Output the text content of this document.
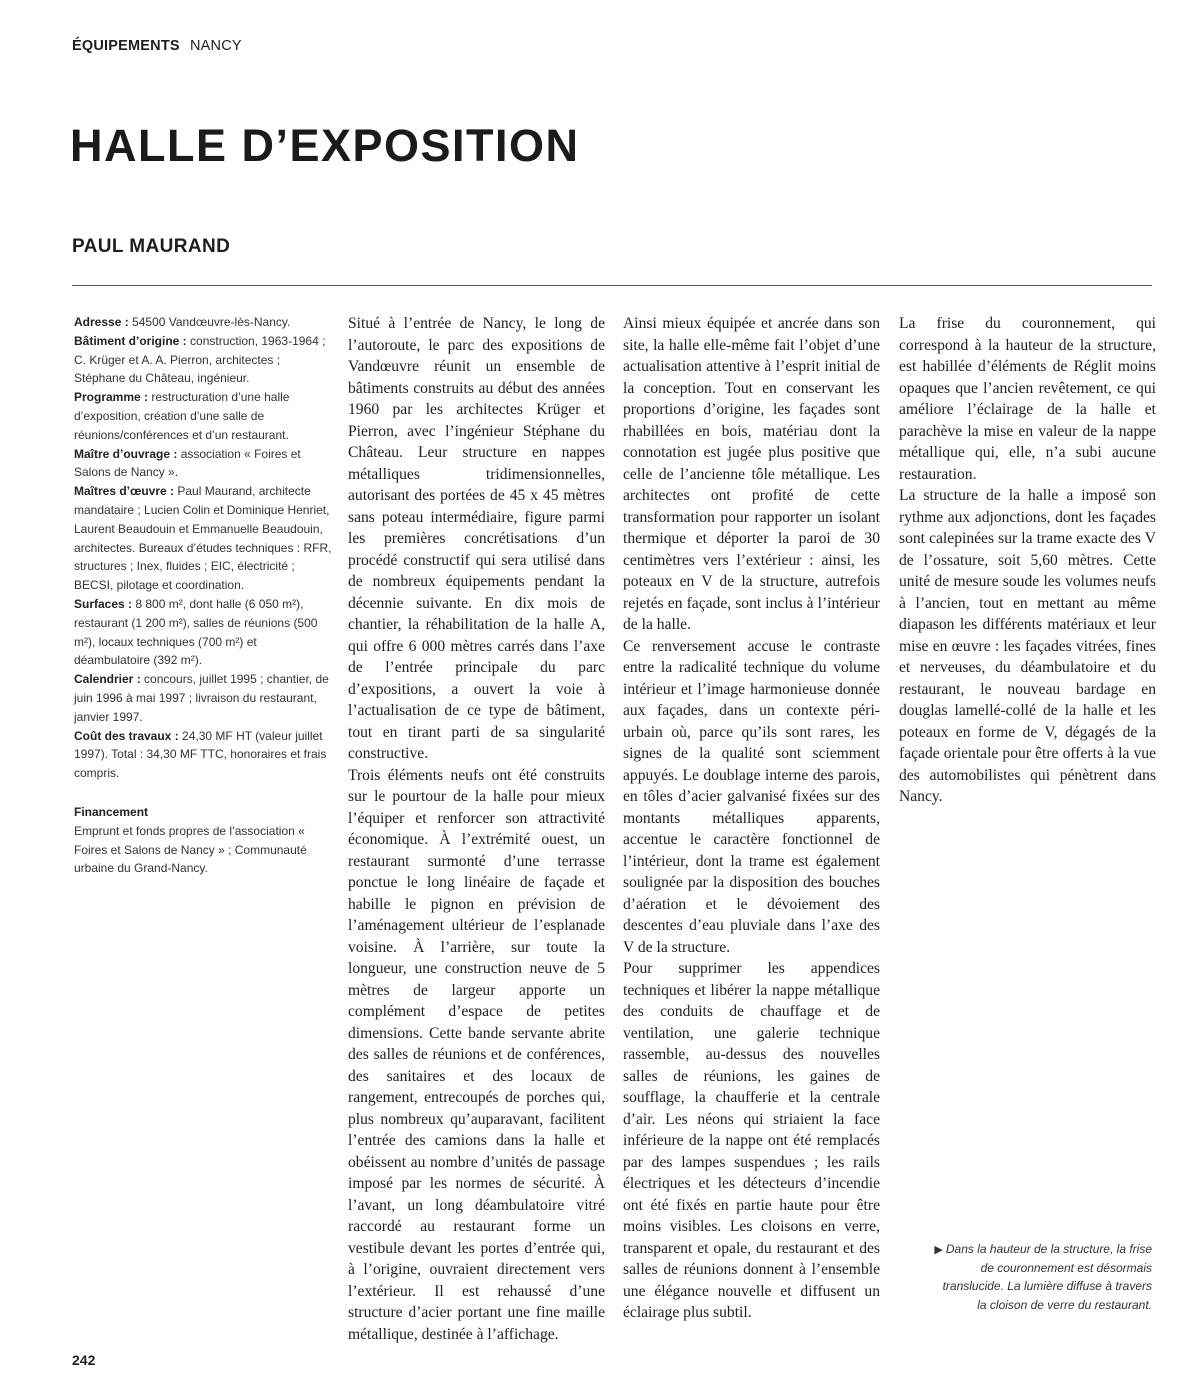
ÉQUIPEMENTS NANCY
HALLE D’EXPOSITION
PAUL MAURAND

Adresse : 54500 Vandœuvre-lès-Nancy.

Bâtiment d’origine : construction, 1963-1964 ; C. Krüger et A. A. Pierron, architectes ; Stéphane du Château, ingénieur.

Programme : restructuration d’une halle d’exposition, création d’une salle de réunions/conférences et d’un restaurant.

Maître d’ouvrage : association « Foires et Salons de Nancy ».

Maîtres d’œuvre : Paul Maurand, architecte mandataire ; Lucien Colin et Dominique Henriet, Laurent Beaudouin et Emmanuelle Beaudouin, architectes. Bureaux d’études techniques : RFR, structures ; Inex, fluides ; EIC, électricité ; BECSI, pilotage et coordination.

Surfaces : 8 800 m², dont halle (6 050 m²), restaurant (1 200 m²), salles de réunions (500 m²), locaux techniques (700 m²) et déambulatoire (392 m²).

Calendrier : concours, juillet 1995 ; chantier, de juin 1996 à mai 1997 ; livraison du restaurant, janvier 1997.

Coût des travaux : 24,30 MF HT (valeur juillet 1997). Total : 34,30 MF TTC, honoraires et frais compris.

Financement

Emprunt et fonds propres de l’association « Foires et Salons de Nancy » ; Communauté urbaine du Grand-Nancy.

Situé à l’entrée de Nancy, le long de l’autoroute, le parc des expositions de Vandœuvre réunit un ensemble de bâtiments construits au début des années 1960 par les architectes Krüger et Pierron, avec l’ingénieur Stéphane du Château. Leur structure en nappes métalliques tridimensionnelles, autorisant des portées de 45 x 45 mètres sans poteau intermédiaire, figure parmi les premières concrétisations d’un procédé constructif qui sera utilisé dans de nombreux équipements pendant la décennie suivante. En dix mois de chantier, la réhabilitation de la halle A, qui offre 6 000 mètres carrés dans l’axe de l’entrée principale du parc d’expositions, a ouvert la voie à l’actualisation de ce type de bâtiment, tout en tirant parti de sa singularité constructive.

Trois éléments neufs ont été construits sur le pourtour de la halle pour mieux l’équiper et renforcer son attractivité économique. À l’extrémité ouest, un restaurant surmonté d’une terrasse ponctue le long linéaire de façade et habille le pignon en prévision de l’aménagement ultérieur de l’esplanade voisine. À l’arrière, sur toute la longueur, une construction neuve de 5 mètres de largeur apporte un complément d’espace de petites dimensions. Cette bande servante abrite des salles de réunions et de conférences, des sanitaires et des locaux de rangement, entrecoupés de porches qui, plus nombreux qu’auparavant, facilitent l’entrée des camions dans la halle et obéissent au nombre d’unités de passage imposé par les normes de sécurité. À l’avant, un long déambulatoire vitré raccordé au restaurant forme un vestibule devant les portes d’entrée qui, à l’origine, ouvraient directement vers l’extérieur. Il est rehaussé d’une structure d’acier portant une fine maille métallique, destinée à l’affichage.

Ainsi mieux équipée et ancrée dans son site, la halle elle-même fait l’objet d’une actualisation attentive à l’esprit initial de la conception. Tout en conservant les proportions d’origine, les façades sont rhabillées en bois, matériau dont la connotation est jugée plus positive que celle de l’ancienne tôle métallique. Les architectes ont profité de cette transformation pour rapporter un isolant thermique et déporter la paroi de 30 centimètres vers l’extérieur : ainsi, les poteaux en V de la structure, autrefois rejetés en façade, sont inclus à l’intérieur de la halle.

Ce renversement accuse le contraste entre la radicalité technique du volume intérieur et l’image harmonieuse donnée aux façades, dans un contexte péri-urbain où, parce qu’ils sont rares, les signes de la qualité sont sciemment appuyés. Le doublage interne des parois, en tôles d’acier galvanisé fixées sur des montants métalliques apparents, accentue le caractère fonctionnel de l’intérieur, dont la trame est également soulignée par la disposition des bouches d’aération et le dévoiement des descentes d’eau pluviale dans l’axe des V de la structure.

Pour supprimer les appendices techniques et libérer la nappe métallique des conduits de chauffage et de ventilation, une galerie technique rassemble, au-dessus des nouvelles salles de réunions, les gaines de soufflage, la chaufferie et la centrale d’air. Les néons qui striaient la face inférieure de la nappe ont été remplacés par des lampes suspendues ; les rails électriques et les détecteurs d’incendie ont été fixés en partie haute pour être moins visibles. Les cloisons en verre, transparent et opale, du restaurant et des salles de réunions donnent à l’ensemble une élégance nouvelle et diffusent un éclairage plus subtil.

La frise du couronnement, qui correspond à la hauteur de la structure, est habillée d’éléments de Réglit moins opaques que l’ancien revêtement, ce qui améliore l’éclairage de la halle et parachève la mise en valeur de la nappe métallique qui, elle, n’a subi aucune restauration.

La structure de la halle a imposé son rythme aux adjonctions, dont les façades sont calepinées sur la trame exacte des V de l’ossature, soit 5,60 mètres. Cette unité de mesure soude les volumes neufs à l’ancien, tout en mettant au même diapason les différents matériaux et leur mise en œuvre : les façades vitrées, fines et nerveuses, du déambulatoire et du restaurant, le nouveau bardage en douglas lamellé-collé de la halle et les poteaux en forme de V, dégagés de la façade orientale pour être offerts à la vue des automobilistes qui pénètrent dans Nancy.

▶ Dans la hauteur de la structure, la frise de couronnement est désormais translucide. La lumière diffuse à travers la cloison de verre du restaurant.
242
